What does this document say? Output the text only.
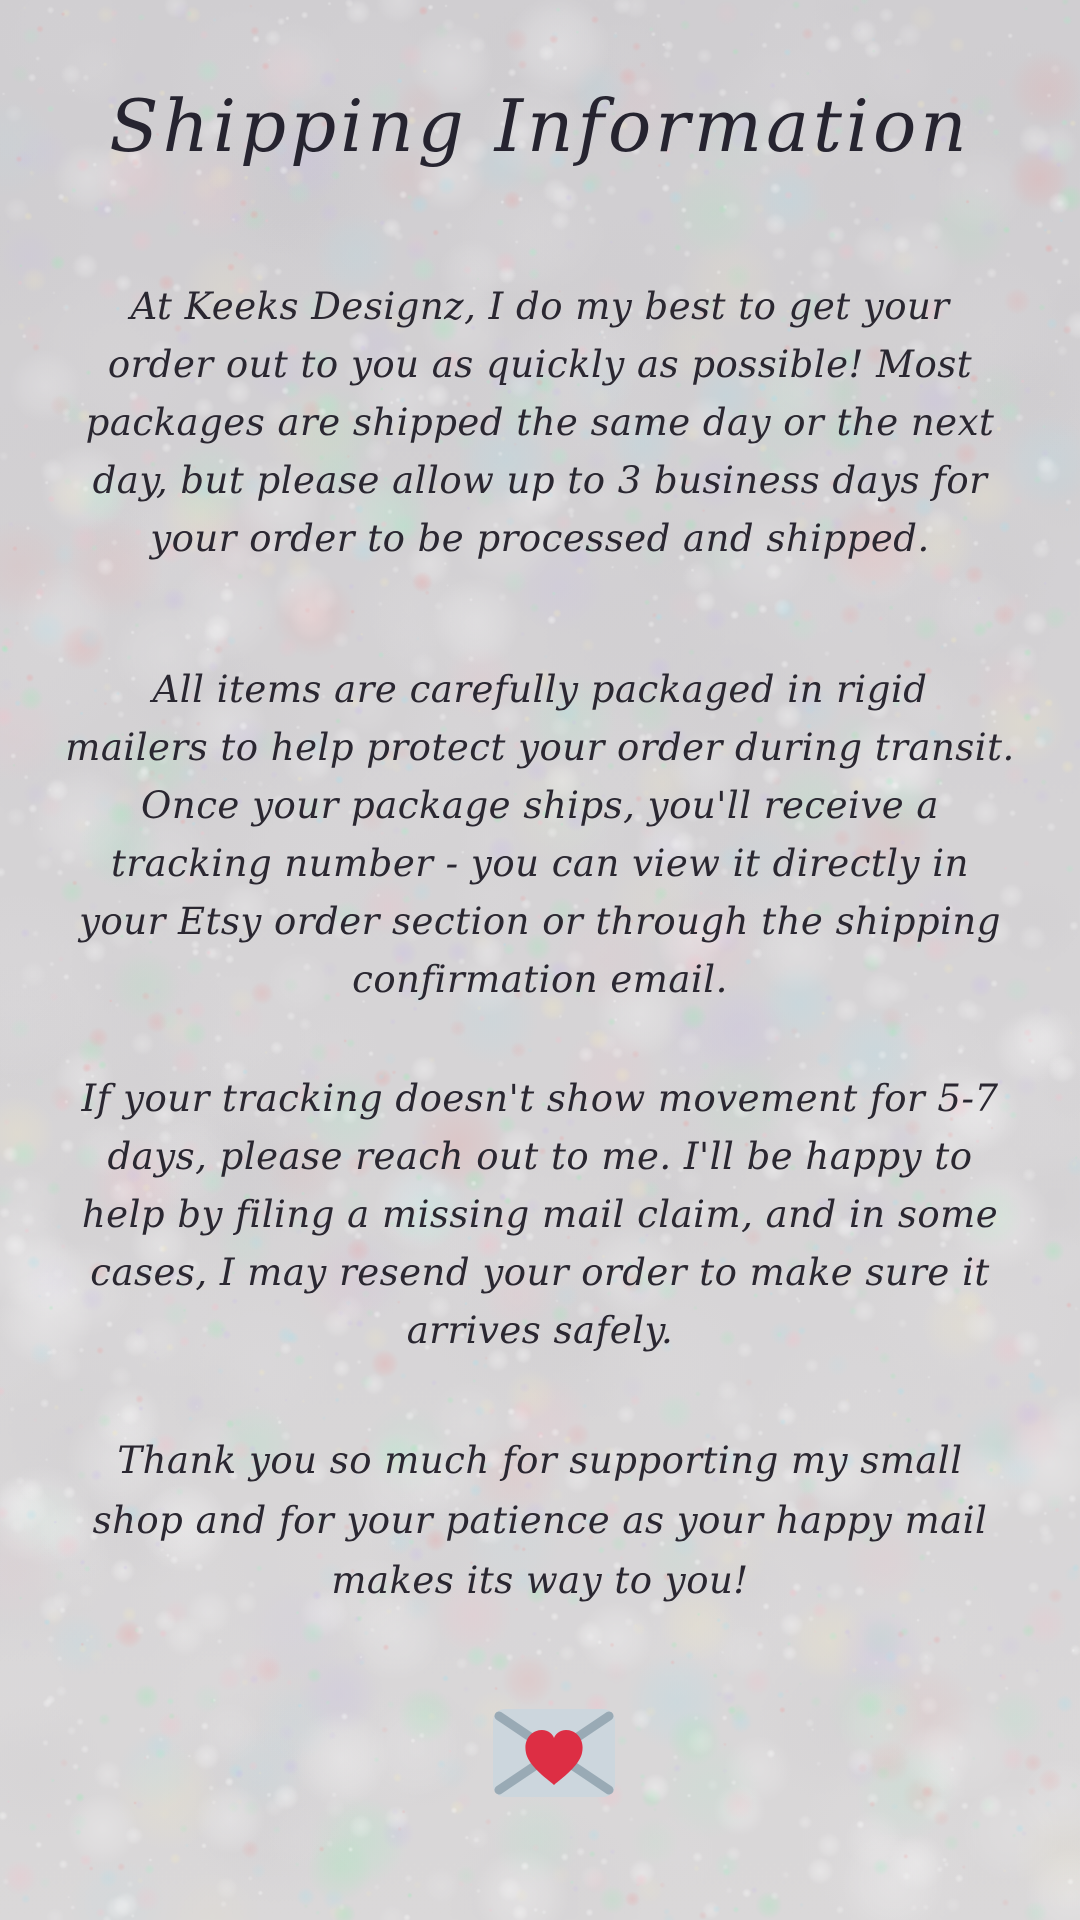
Shipping Information
At Keeks Designz, I do my best to get your
order out to you as quickly as possible! Most
packages are shipped the same day or the next
day, but please allow up to 3 business days for
your order to be processed and shipped.
All items are carefully packaged in rigid
mailers to help protect your order during transit.
Once your package ships, you'll receive a
tracking number - you can view it directly in
your Etsy order section or through the shipping
confirmation email.
If your tracking doesn't show movement for 5-7
days, please reach out to me. I'll be happy to
help by filing a missing mail claim, and in some
cases, I may resend your order to make sure it
arrives safely.
Thank you so much for supporting my small
shop and for your patience as your happy mail
makes its way to you!
